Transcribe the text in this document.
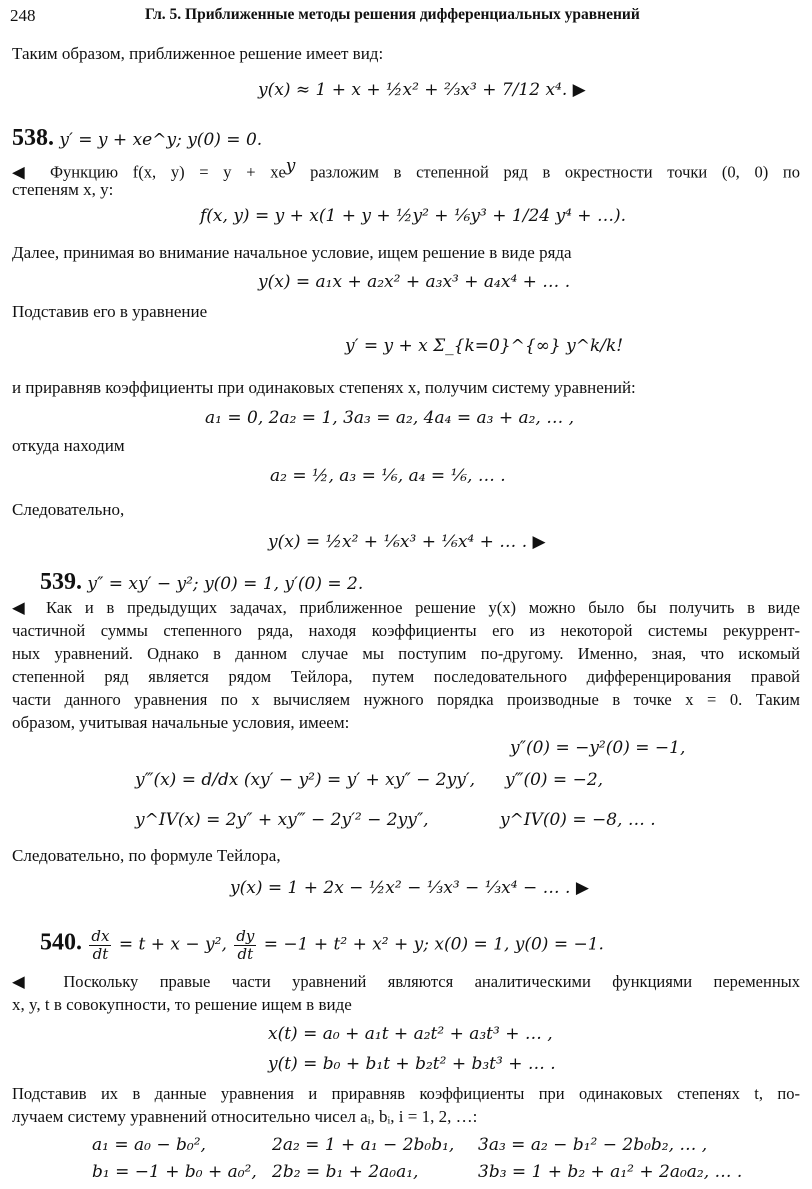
248	Гл. 5. Приближенные методы решения дифференциальных уравнений
Таким образом, приближенное решение имеет вид:
y(x) ≈ 1 + x + ½x² + ⅔x³ + 7/12 x⁴. ▶
538. y′ = y + xe^y; y(0) = 0.
◀ Функцию f(x, $y) = y + xe^y$ разложим в степенной ряд в окрестности точки (0, 0) по
степеням x, y:
f(x, y) = y + x(1 + y + ½y² + ⅙y³ + 1/24 y⁴ + …).
Далее, принимая во внимание начальное условие, ищем решение в виде ряда
y(x) = a₁x + a₂x² + a₃x³ + a₄x⁴ + … .
Подставив его в уравнение
y′ = y + x Σ_{k=0}^{∞} y^k/k!
и приравняв коэффициенты при одинаковых степенях x, получим систему уравнений:
a₁ = 0, 2a₂ = 1, 3a₃ = a₂, 4a₄ = a₃ + a₂, … ,
откуда находим
a₂ = ½, a₃ = ⅙, a₄ = ⅙, … .
Следовательно,
y(x) = ½x² + ⅙x³ + ⅙x⁴ + … . ▶
539. y″ = xy′ − y²; y(0) = 1, y′(0) = 2.
◀ Как и в предыдущих задачах, приближенное решение y(x) можно было бы получить в виде
частичной суммы степенного ряда, находя коэффициенты его из некоторой системы рекуррент-
ных уравнений. Однако в данном случае мы поступим по-другому. Именно, зная, что искомый
степенной ряд является рядом Тейлора, путем последовательного дифференцирования правой
части данного уравнения по x вычисляем нужного порядка производные в точке x = 0. Таким
образом, учитывая начальные условия, имеем:
y″(0) = −y²(0) = −1,
y‴(x) = d/dx (xy′ − y²) = y′ + xy″ − 2yy′, y‴(0) = −2,
y^IV(x) = 2y″ + xy‴ − 2y′² − 2yy″,	y^IV(0) = −8, … .
Следовательно, по формуле Тейлора,
y(x) = 1 + 2x − ½x² − ⅓x³ − ⅓x⁴ − … . ▶
540. $\frac{dx}{dt} = t + x - y^2$, $\frac{dy}{dt} = -1 + t^2 + x^2 + y$; x(0) = 1, y(0) = −1.
◀ Поскольку правые части уравнений являются аналитическими функциями переменных
x, y, t в совокупности, то решение ищем в виде
x(t) = a₀ + a₁t + a₂t² + a₃t³ + … ,
y(t) = b₀ + b₁t + b₂t² + b₃t³ + … .
Подставив их в данные уравнения и приравняв коэффициенты при одинаковых степенях t, по-
лучаем систему уравнений относительно чисел aᵢ, bᵢ, i = 1, 2, …:
a₁ = a₀ − b₀²,	2a₂ = 1 + a₁ − 2b₀b₁, 3a₃ = a₂ − b₁² − 2b₀b₂, … ,
b₁ = −1 + b₀ + a₀², 2b₂ = b₁ + 2a₀a₁,	3b₃ = 1 + b₂ + a₁² + 2a₀a₂, … .
